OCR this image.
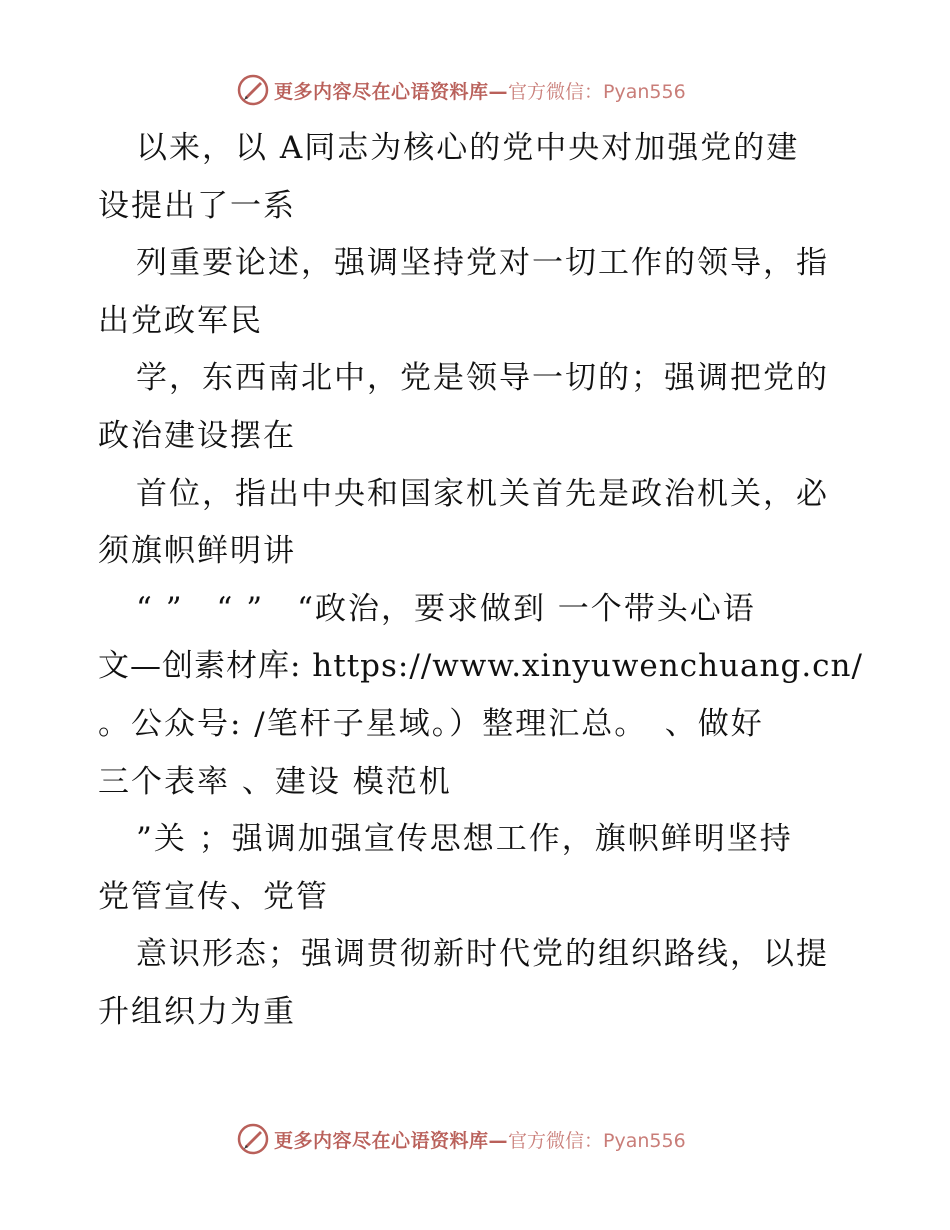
更多内容尽在心语资料库— 官方微信：Pyan556
以来，以 A同志为核心的党中央对加强党的建
设提出了一系
列重要论述，强调坚持党对一切工作的领导，指
出党政军民
学，东西南北中，党是领导一切的；强调把党的
政治建设摆在
首位，指出中央和国家机关首先是政治机关，必
须旗帜鲜明讲
“ ”　“ ”　“政治，要求做到 一个带头心语
文—创素材库: https://www.xinyuwenchuang.cn/
。公众号: /笔杆子星域。）整理汇总。　、做好
三个表率 、建设 模范机
”关 ；强调加强宣传思想工作，旗帜鲜明坚持
党管宣传、党管
意识形态；强调贯彻新时代党的组织路线，以提
升组织力为重
更多内容尽在心语资料库— 官方微信：Pyan556
